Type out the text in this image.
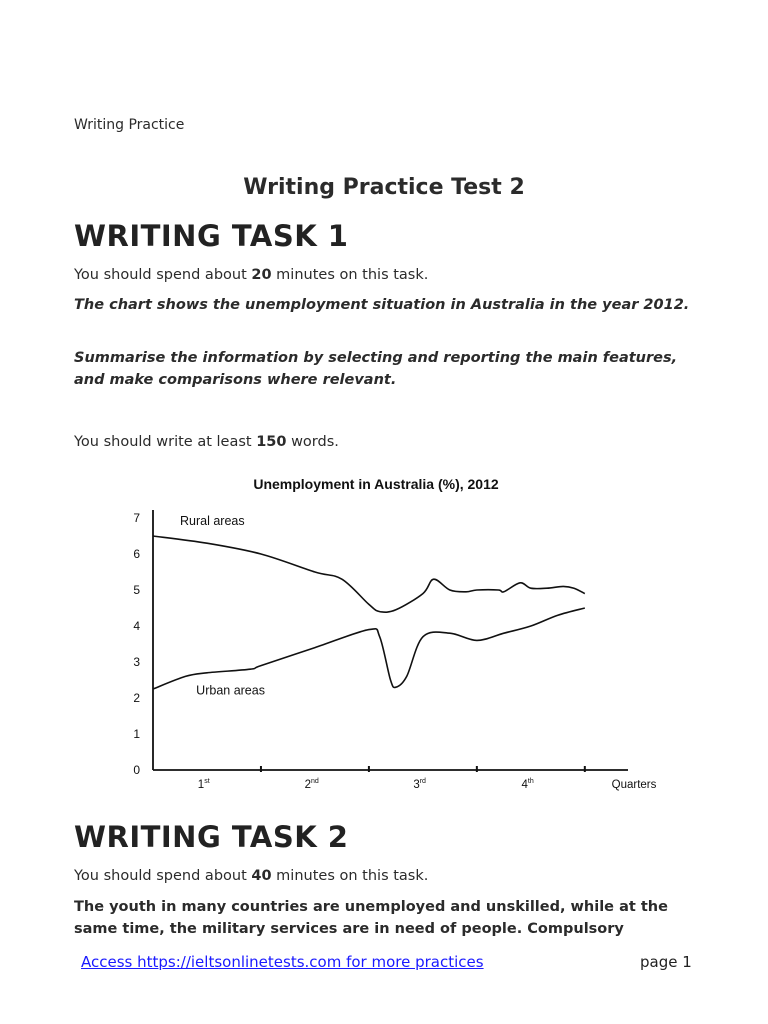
Writing Practice
Writing Practice Test 2
WRITING TASK 1
You should spend about 20 minutes on this task.
The chart shows the unemployment situation in Australia in the year 2012.
Summarise the information by selecting and reporting the main features, and make comparisons where relevant.
You should write at least 150 words.
Unemployment in Australia (%), 2012
0
1
2
3
4
5
6
7
1st	2nd	3rd	4th	Quarters
Rural areas
Urban areas
WRITING TASK 2
You should spend about 40 minutes on this task.
The youth in many countries are unemployed and unskilled, while at the same time, the military services are in need of people. Compulsory
Access https://ieltsonlinetests.com for more practices	page 1
